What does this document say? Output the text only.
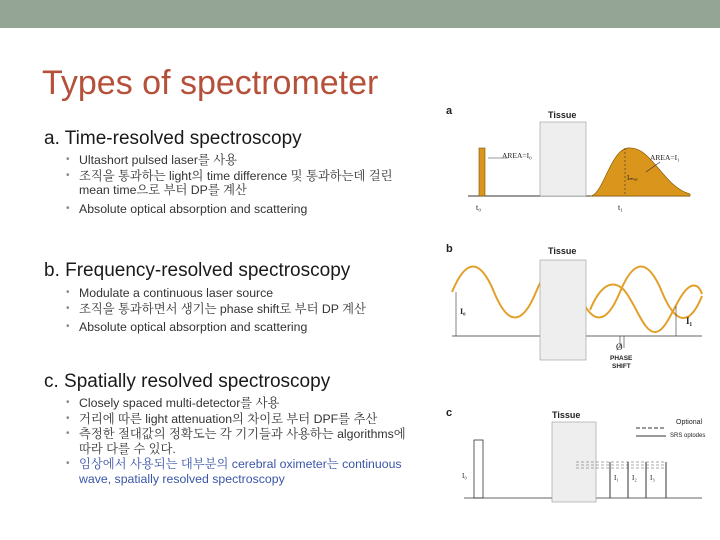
Types of spectrometer
a. Time-resolved spectroscopy
• Ultashort pulsed laser를 사용
• 조직을 통과하는 light의 time difference 및 통과하는데 걸린 mean time으로 부터 DP를 계산
• Absolute optical absorption and scattering
b. Frequency-resolved spectroscopy
• Modulate a continuous laser source
• 조직을 통과하면서 생기는 phase shift로 부터 DP 계산
• Absolute optical absorption and scattering
c. Spatially resolved spectroscopy
• Closely spaced multi-detector를 사용
• 거리에 따른 light attenuation의 차이로 부터 DPF를 추산
• 측정한 절대값의 정확도는 각 기기들과 사용하는 algorithms에 따라 다를 수 있다.
• 임상에서 사용되는 대부분의 cerebral oximeter는 continuous wave, spatially resolved spectroscopy
a	Tissue
AREA=I₀
Iₘₐₓ
AREA=I₁
t₀	t₁
b	Tissue
I₀
I₁
Ø
PHASE
SHIFT
c	Tissue
Optional
SRS optodes
I₀	I₁ I₂ I₃
